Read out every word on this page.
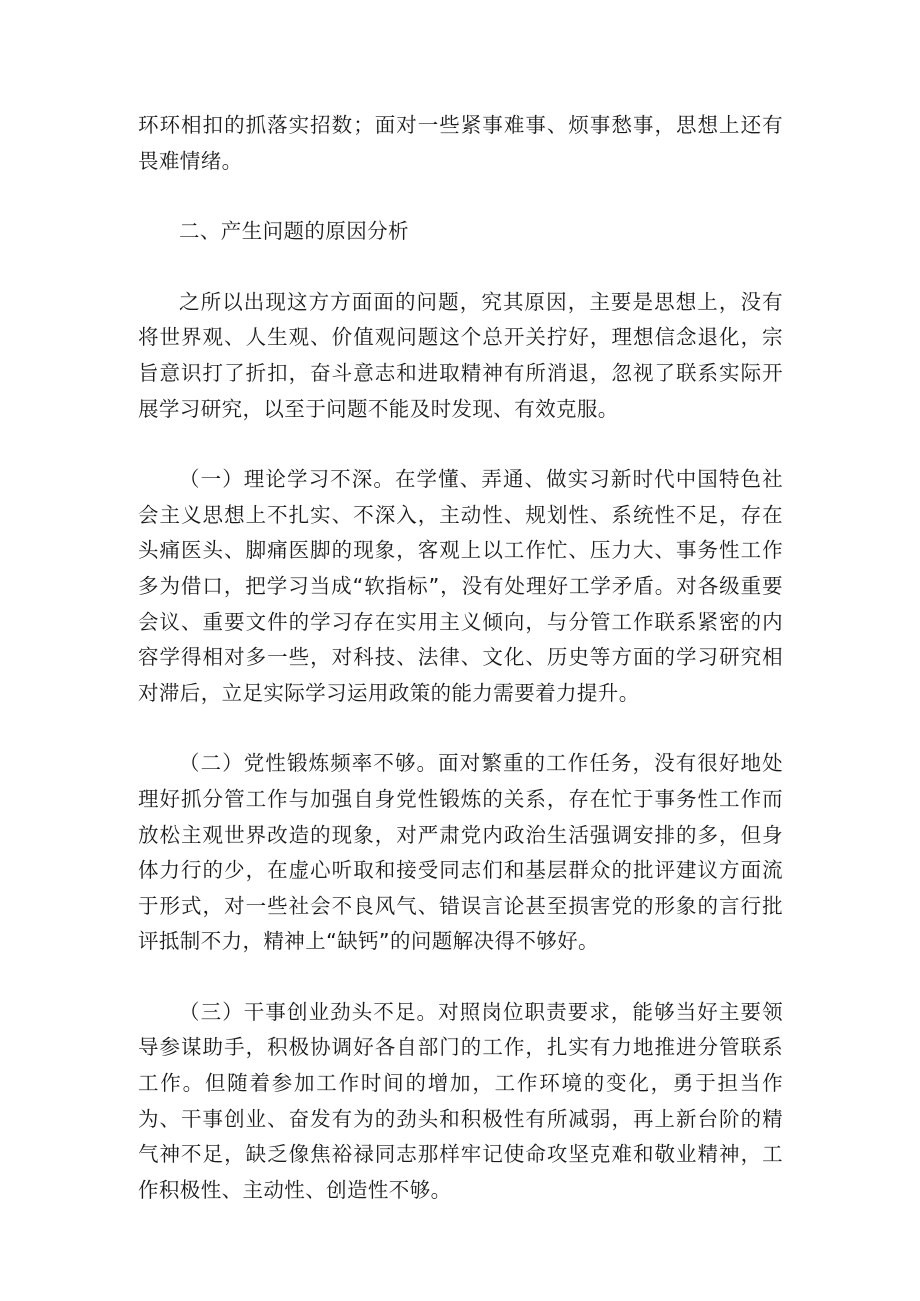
环环相扣的抓落实招数；面对一些紧事难事、烦事愁事，思想上还有畏难情绪。

二、产生问题的原因分析

之所以出现这方方面面的问题，究其原因，主要是思想上，没有将世界观、人生观、价值观问题这个总开关拧好，理想信念退化，宗旨意识打了折扣，奋斗意志和进取精神有所消退，忽视了联系实际开展学习研究，以至于问题不能及时发现、有效克服。

（一）理论学习不深。在学懂、弄通、做实习新时代中国特色社会主义思想上不扎实、不深入，主动性、规划性、系统性不足，存在头痛医头、脚痛医脚的现象，客观上以工作忙、压力大、事务性工作多为借口，把学习当成“软指标”，没有处理好工学矛盾。对各级重要会议、重要文件的学习存在实用主义倾向，与分管工作联系紧密的内容学得相对多一些，对科技、法律、文化、历史等方面的学习研究相对滞后，立足实际学习运用政策的能力需要着力提升。

（二）党性锻炼频率不够。面对繁重的工作任务，没有很好地处理好抓分管工作与加强自身党性锻炼的关系，存在忙于事务性工作而放松主观世界改造的现象，对严肃党内政治生活强调安排的多，但身体力行的少，在虚心听取和接受同志们和基层群众的批评建议方面流于形式，对一些社会不良风气、错误言论甚至损害党的形象的言行批评抵制不力，精神上“缺钙”的问题解决得不够好。

（三）干事创业劲头不足。对照岗位职责要求，能够当好主要领导参谋助手，积极协调好各自部门的工作，扎实有力地推进分管联系工作。但随着参加工作时间的增加，工作环境的变化，勇于担当作为、干事创业、奋发有为的劲头和积极性有所减弱，再上新台阶的精气神不足，缺乏像焦裕禄同志那样牢记使命攻坚克难和敬业精神，工作积极性、主动性、创造性不够。
